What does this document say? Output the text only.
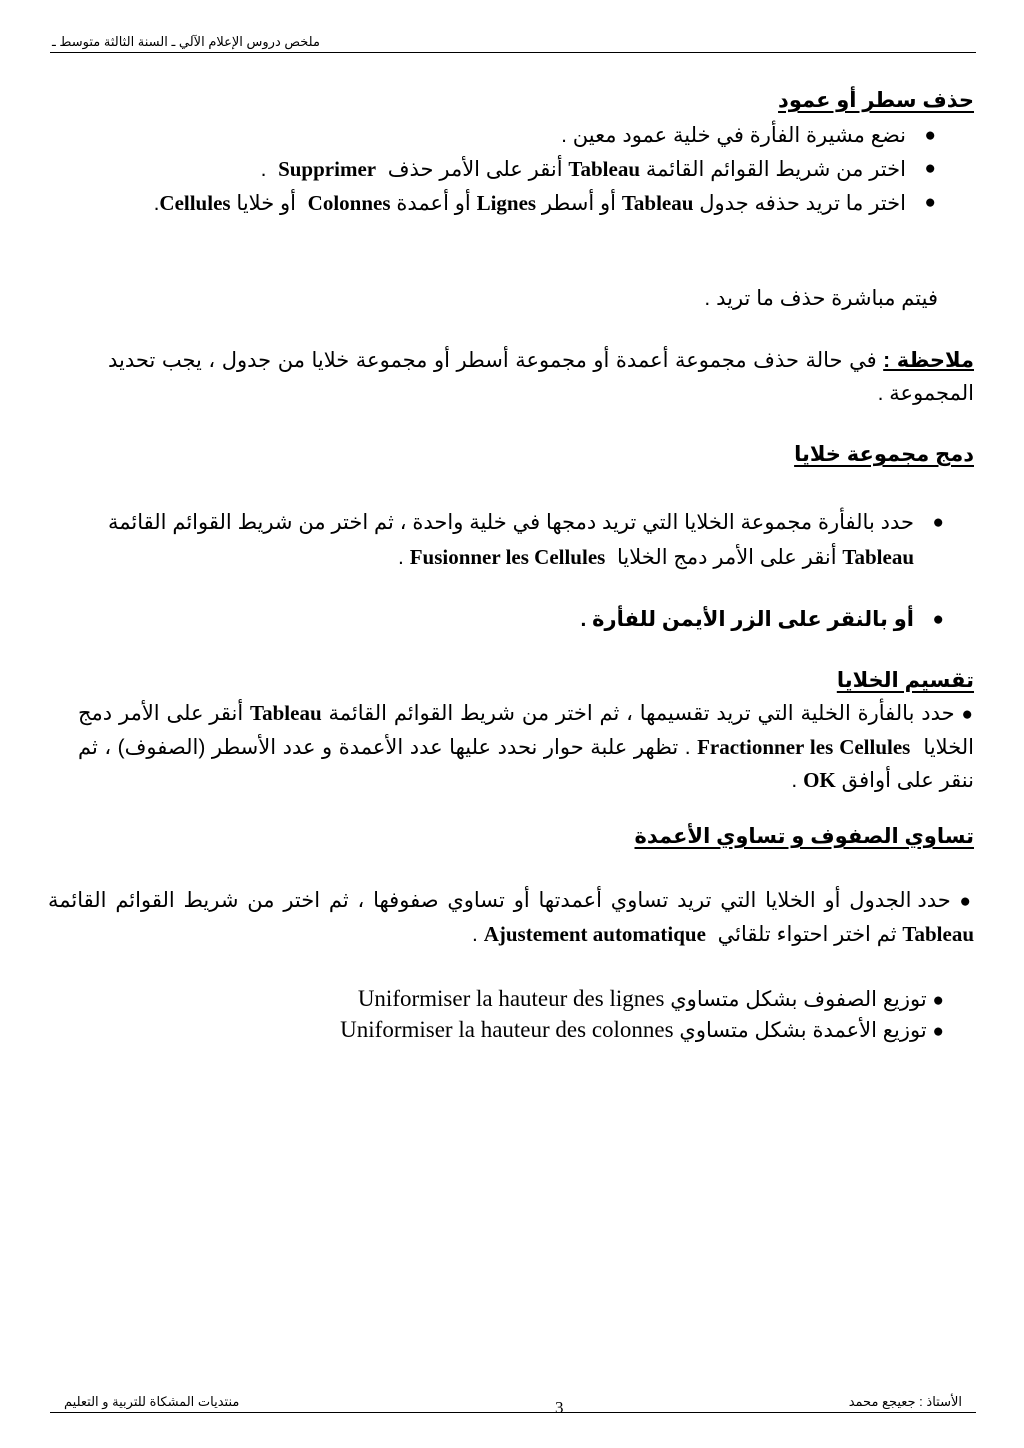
ملخص دروس الإعلام الآلي ـ السنة الثالثة متوسط ـ
حذف سطر أو عمود
●
نضع مشيرة الفأرة في خلية عمود معين .
●
اختر من شريط القوائم القائمة Tableau أنقر على الأمر حذف  Supprimer  .
●
اختر ما تريد حذفه جدول Tableau أو أسطر Lignes أو أعمدة Colonnes  أو خلايا Cellules.
فيتم مباشرة حذف ما تريد .
ملاحظة : في حالة حذف مجموعة أعمدة أو مجموعة أسطر أو مجموعة خلايا من جدول ، يجب تحديد المجموعة .
دمج مجموعة خلايا
●
حدد بالفأرة مجموعة الخلايا التي تريد دمجها في خلية واحدة ، ثم اختر من شريط القوائم القائمة Tableau أنقر على الأمر دمج الخلايا  Fusionner les Cellules .
●
أو بالنقر على الزر الأيمن للفأرة .
تقسيم الخلايا
● حدد بالفأرة الخلية التي تريد تقسيمها ، ثم اختر من شريط القوائم القائمة Tableau أنقر على الأمر دمج الخلايا  Fractionner les Cellules . تظهر علبة حوار نحدد عليها عدد الأعمدة و عدد الأسطر (الصفوف) ، ثم ننقر على أوافق OK .
تساوي الصفوف و تساوي الأعمدة
● حدد الجدول أو الخلايا التي تريد تساوي أعمدتها أو تساوي صفوفها ، ثم اختر من شريط القوائم القائمة Tableau ثم اختر احتواء تلقائي  Ajustement automatique .
● توزيع الصفوف بشكل متساوي Uniformiser la hauteur des lignes
● توزيع الأعمدة بشكل متساوي Uniformiser la hauteur des colonnes
منتديات المشكاة للتربية و التعليم	3	الأستاذ : جعيجع محمد
